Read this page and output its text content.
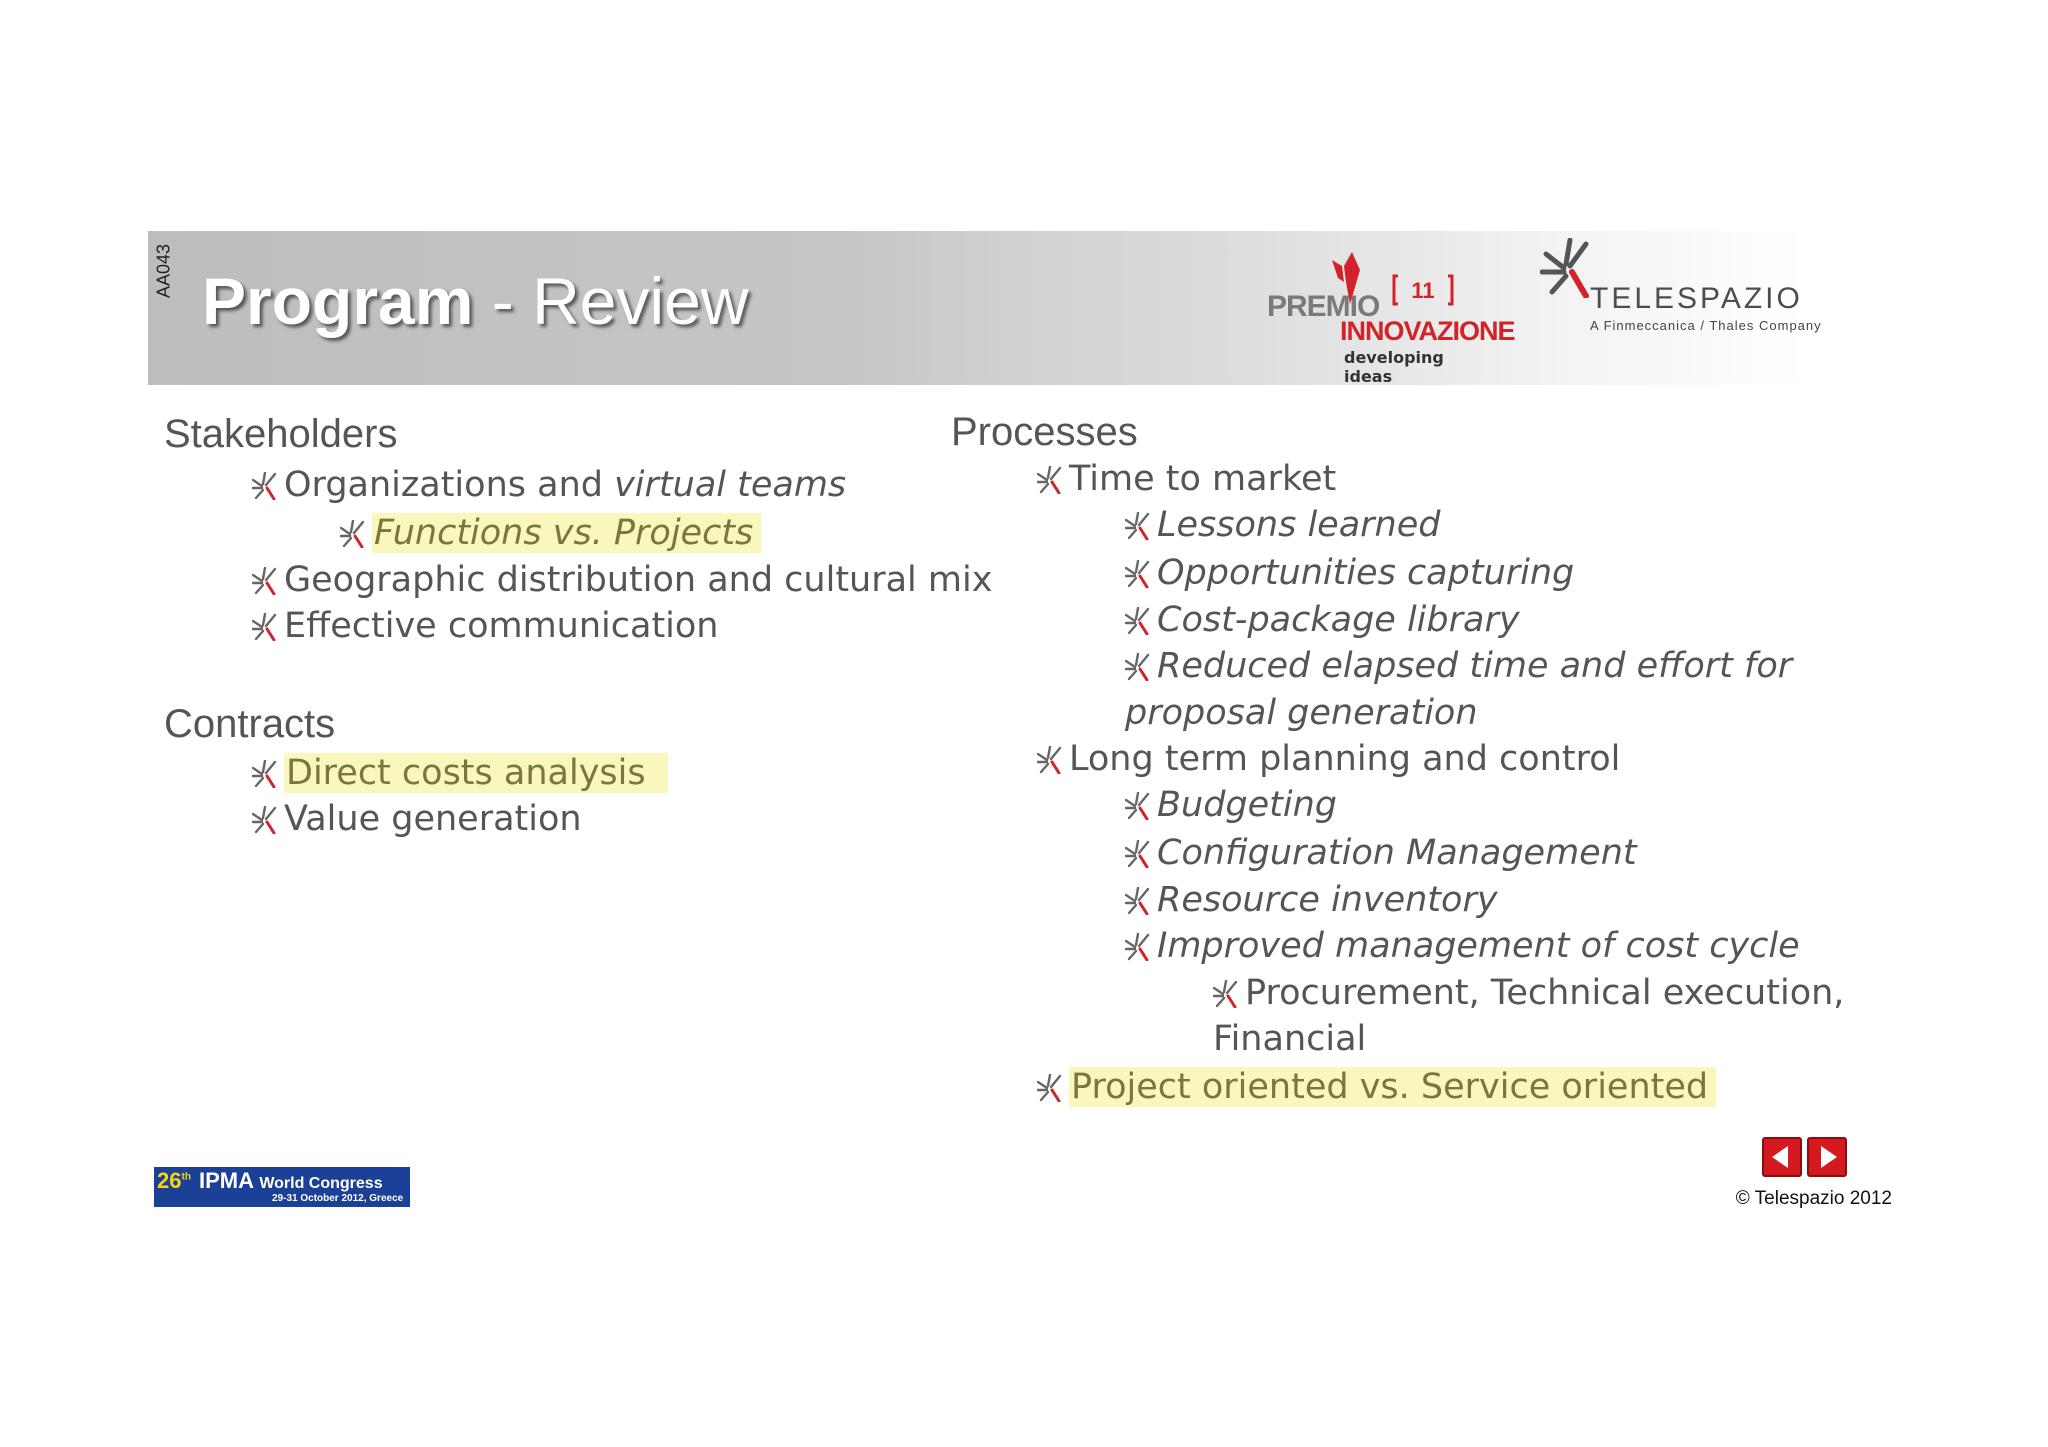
AA043 Program - Review	11
PREMIO
INNOVAZIONE
developing ideas
TELESPAZIO
A Finmeccanica / Thales Company
Stakeholders
Organizations and virtual teams
Functions vs. Projects
Geographic distribution and cultural mix
Effective communication
Contracts
Direct costs analysis
Value generation
Processes
Time to market
Lessons learned
Opportunities capturing
Cost-package library
Reduced elapsed time and effort for
proposal generation
Long term planning and control
Budgeting
Configuration Management
Resource inventory
Improved management of cost cycle
Procurement, Technical execution,
Financial
Project oriented vs. Service oriented
26th IPMA World Congress
29-31 October 2012, Greece	© Telespazio 2012
